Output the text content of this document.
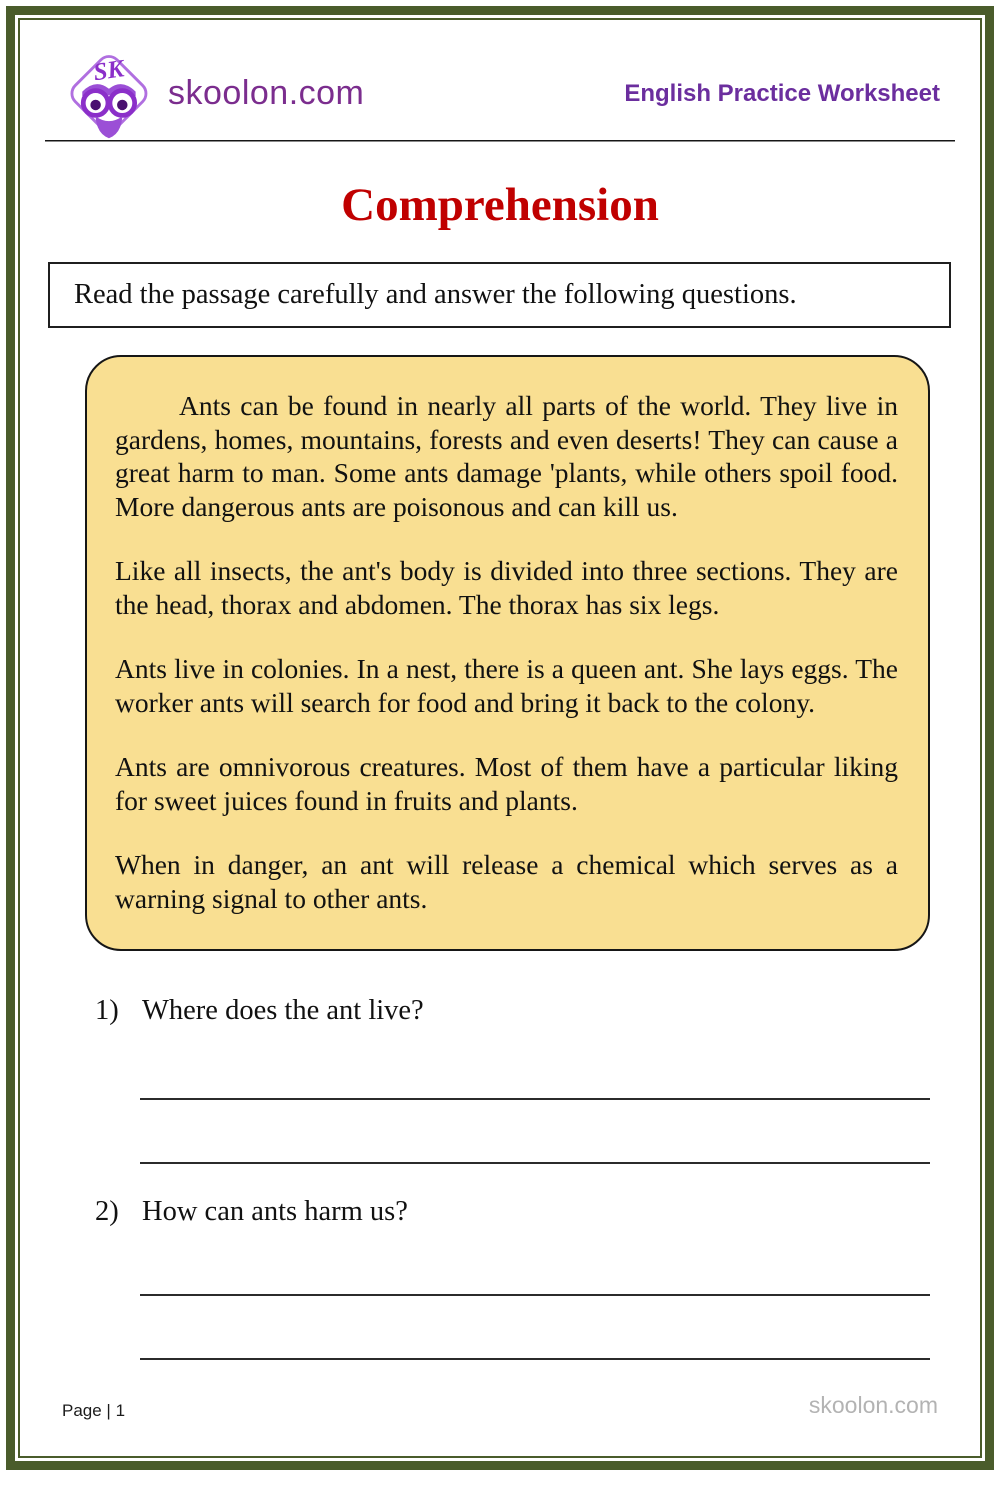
SK
skoolon.com	English Practice Worksheet
Comprehension
Read the passage carefully and answer the following questions.

Ants can be found in nearly all parts of the world. They live in gardens, homes, mountains, forests and even deserts! They can cause a great harm to man. Some ants damage 'plants, while others spoil food. More dangerous ants are poisonous and can kill us.

Like all insects, the ant's body is divided into three sections. They are the head, thorax and abdomen. The thorax has six legs.

Ants live in colonies. In a nest, there is a queen ant. She lays eggs. The worker ants will search for food and bring it back to the colony.

Ants are omnivorous creatures. Most of them have a particular liking for sweet juices found in fruits and plants.

When in danger, an ant will release a chemical which serves as a warning signal to other ants.

1) Where does the ant live?
2) How can ants harm us?
Page | 1	skoolon.com
